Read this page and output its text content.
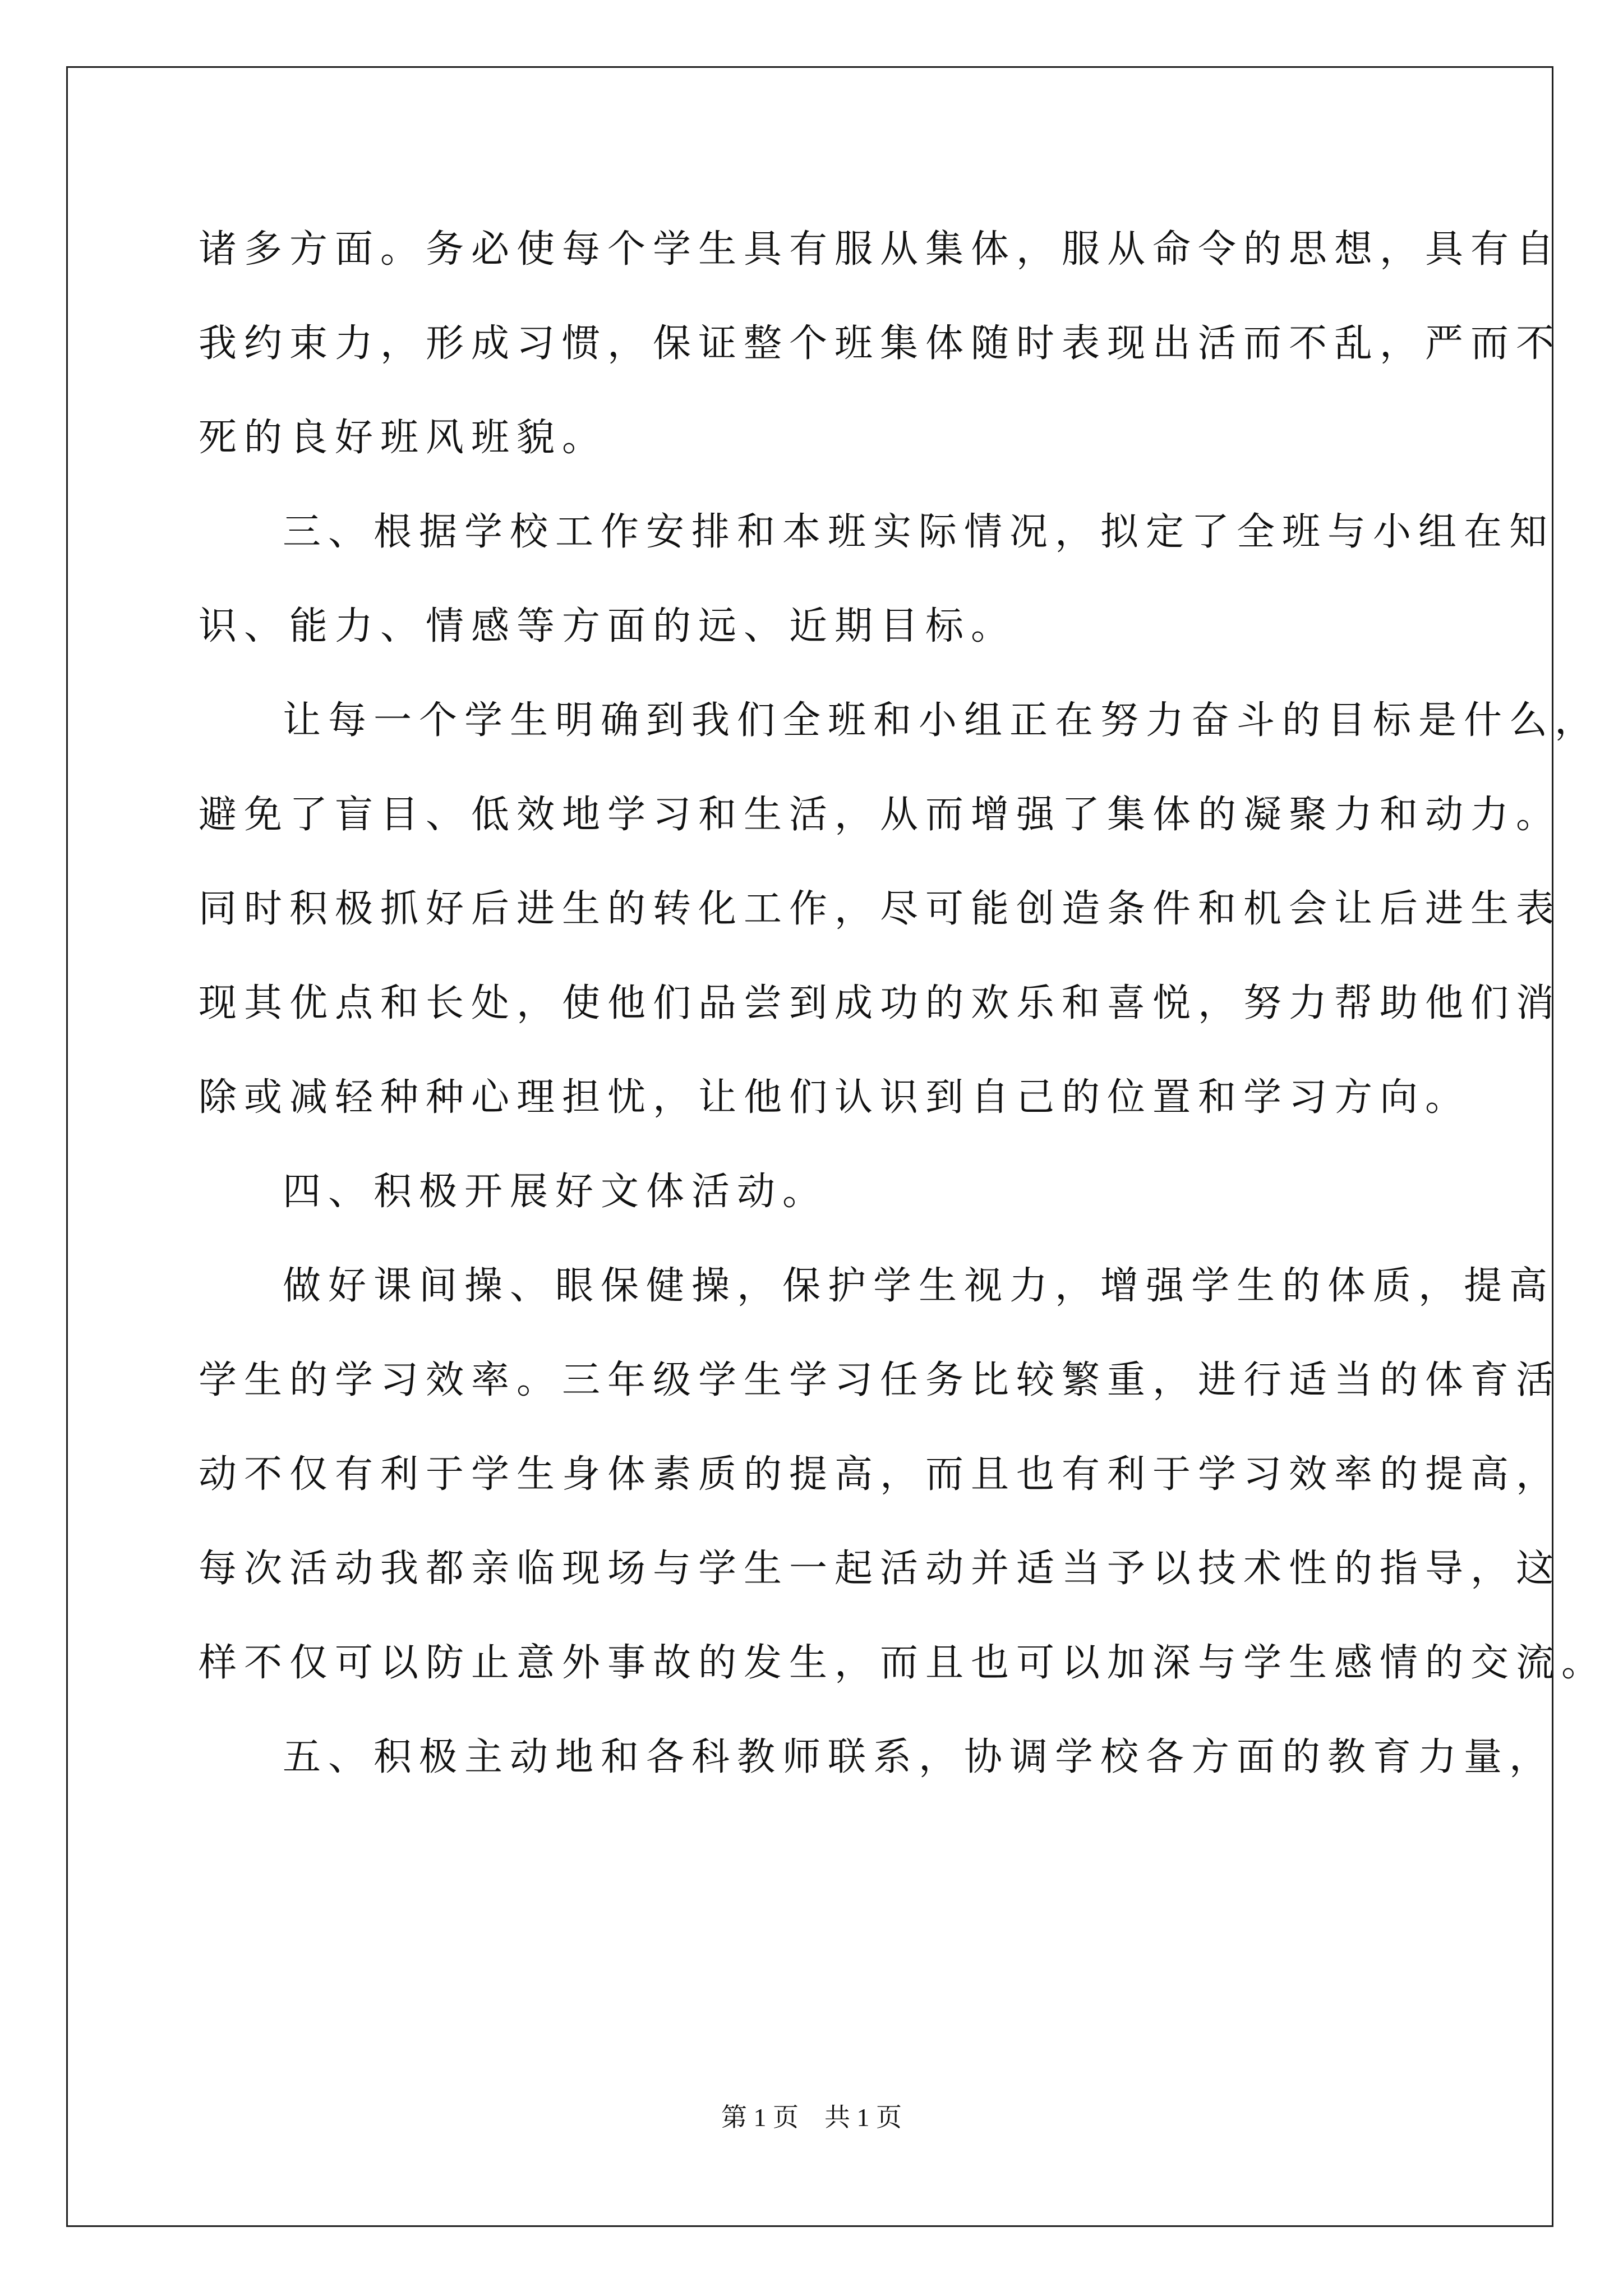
诸多方面。务必使每个学生具有服从集体，服从命令的思想，具有自
我约束力，形成习惯，保证整个班集体随时表现出活而不乱，严而不
死的良好班风班貌。
三、根据学校工作安排和本班实际情况，拟定了全班与小组在知
识、能力、情感等方面的远、近期目标。
让每一个学生明确到我们全班和小组正在努力奋斗的目标是什么，
避免了盲目、低效地学习和生活，从而增强了集体的凝聚力和动力。
同时积极抓好后进生的转化工作，尽可能创造条件和机会让后进生表
现其优点和长处，使他们品尝到成功的欢乐和喜悦，努力帮助他们消
除或减轻种种心理担忧，让他们认识到自己的位置和学习方向。
四、积极开展好文体活动。
做好课间操、眼保健操，保护学生视力，增强学生的体质，提高
学生的学习效率。三年级学生学习任务比较繁重，进行适当的体育活
动不仅有利于学生身体素质的提高，而且也有利于学习效率的提高，
每次活动我都亲临现场与学生一起活动并适当予以技术性的指导，这
样不仅可以防止意外事故的发生，而且也可以加深与学生感情的交流。
五、积极主动地和各科教师联系，协调学校各方面的教育力量，
第 1 页　共 1 页
